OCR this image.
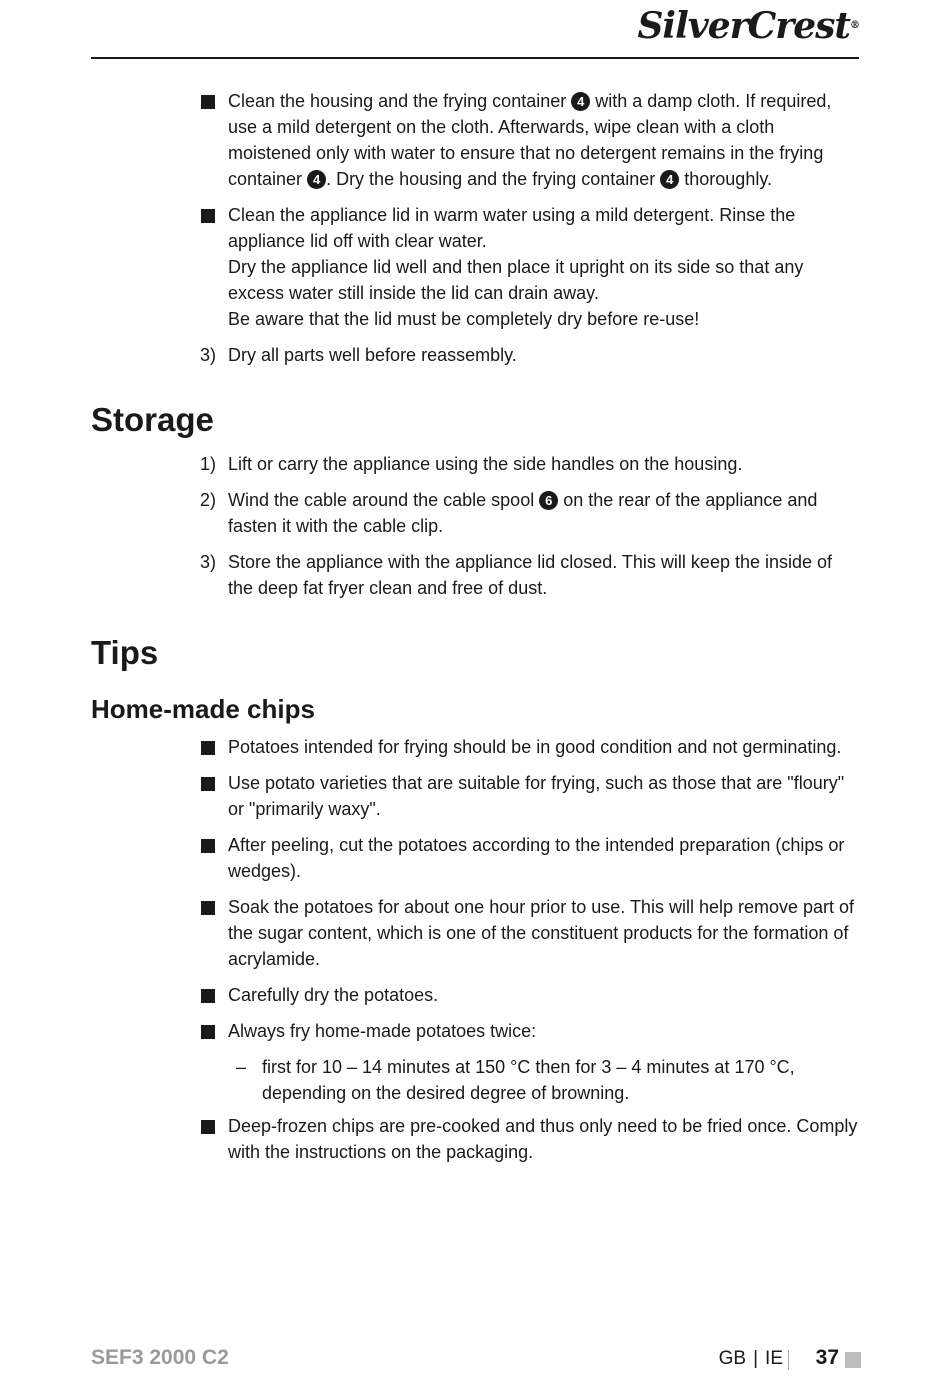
SilverCrest®
Clean the housing and the frying container 4 with a damp cloth. If required, use a mild detergent on the cloth. Afterwards, wipe clean with a cloth moistened only with water to ensure that no detergent remains in the frying container 4 . Dry the housing and the frying container 4 thoroughly.
Clean the appliance lid in warm water using a mild detergent. Rinse the appliance lid off with clear water.
Dry the appliance lid well and then place it upright on its side so that any excess water still inside the lid can drain away.
Be aware that the lid must be completely dry before re-use!
3) Dry all parts well before reassembly.
Storage
1) Lift or carry the appliance using the side handles on the housing.
2) Wind the cable around the cable spool 6 on the rear of the appliance and fasten it with the cable clip.
3) Store the appliance with the appliance lid closed. This will keep the inside of the deep fat fryer clean and free of dust.
Tips
Home-made chips
Potatoes intended for frying should be in good condition and not germinating.
Use potato varieties that are suitable for frying, such as those that are "floury" or "primarily waxy".
After peeling, cut the potatoes according to the intended preparation (chips or wedges).
Soak the potatoes for about one hour prior to use. This will help remove part of the sugar content, which is one of the constituent products for the formation of acrylamide.
Carefully dry the potatoes.
Always fry home-made potatoes twice:
– first for 10 – 14 minutes at 150 °C then for 3 – 4 minutes at 170 °C, depending on the desired degree of browning.
Deep-frozen chips are pre-cooked and thus only need to be fried once. Comply with the instructions on the packaging.
SEF3 2000 C2	GB | IE 37
